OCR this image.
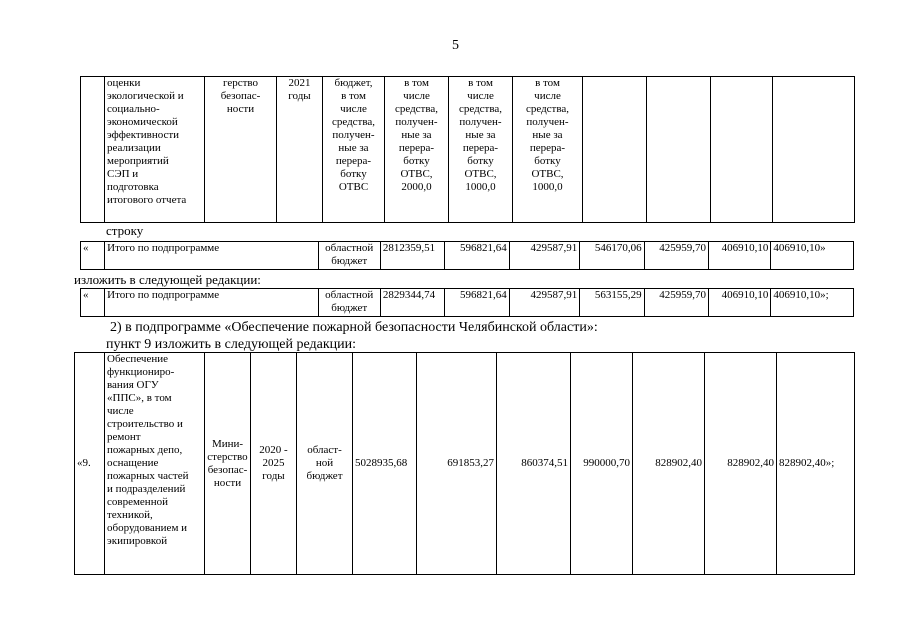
5
	оценки
экологической и
социально-
экономической
эффективности
реализации
мероприятий
СЭП и
подготовка
итогового отчета	герство
безопас-
ности	2021
годы	бюджет,
в том
числе
средства,
получен-
ные за
перера-
ботку
ОТВС	в том
числе
средства,
получен-
ные за
перера-
ботку
ОТВС,
2000,0	в том
числе
средства,
получен-
ные за
перера-
ботку
ОТВС,
1000,0	в том
числе
средства,
получен-
ные за
перера-
ботку
ОТВС,
1000,0				
строку
«	Итого по подпрограмме	областной бюджет	2812359,51	596821,64	429587,91	546170,06	425959,70	406910,10	406910,10»
изложить в следующей редакции:
«	Итого по подпрограмме	областной бюджет	2829344,74	596821,64	429587,91	563155,29	425959,70	406910,10	406910,10»;
2) в подпрограмме «Обеспечение пожарной безопасности Челябинской области»:
пункт 9 изложить в следующей редакции:
«9.	Обеспечение
функциониро-
вания ОГУ
«ППС», в том
числе
строительство и
ремонт
пожарных депо,
оснащение
пожарных частей
и подразделений
современной
техникой,
оборудованием и
экипировкой	Мини-
стерство
безопас-
ности	2020 -
2025
годы	област-
ной
бюджет	5028935,68	691853,27	860374,51	990000,70	828902,40	828902,40	828902,40»;
